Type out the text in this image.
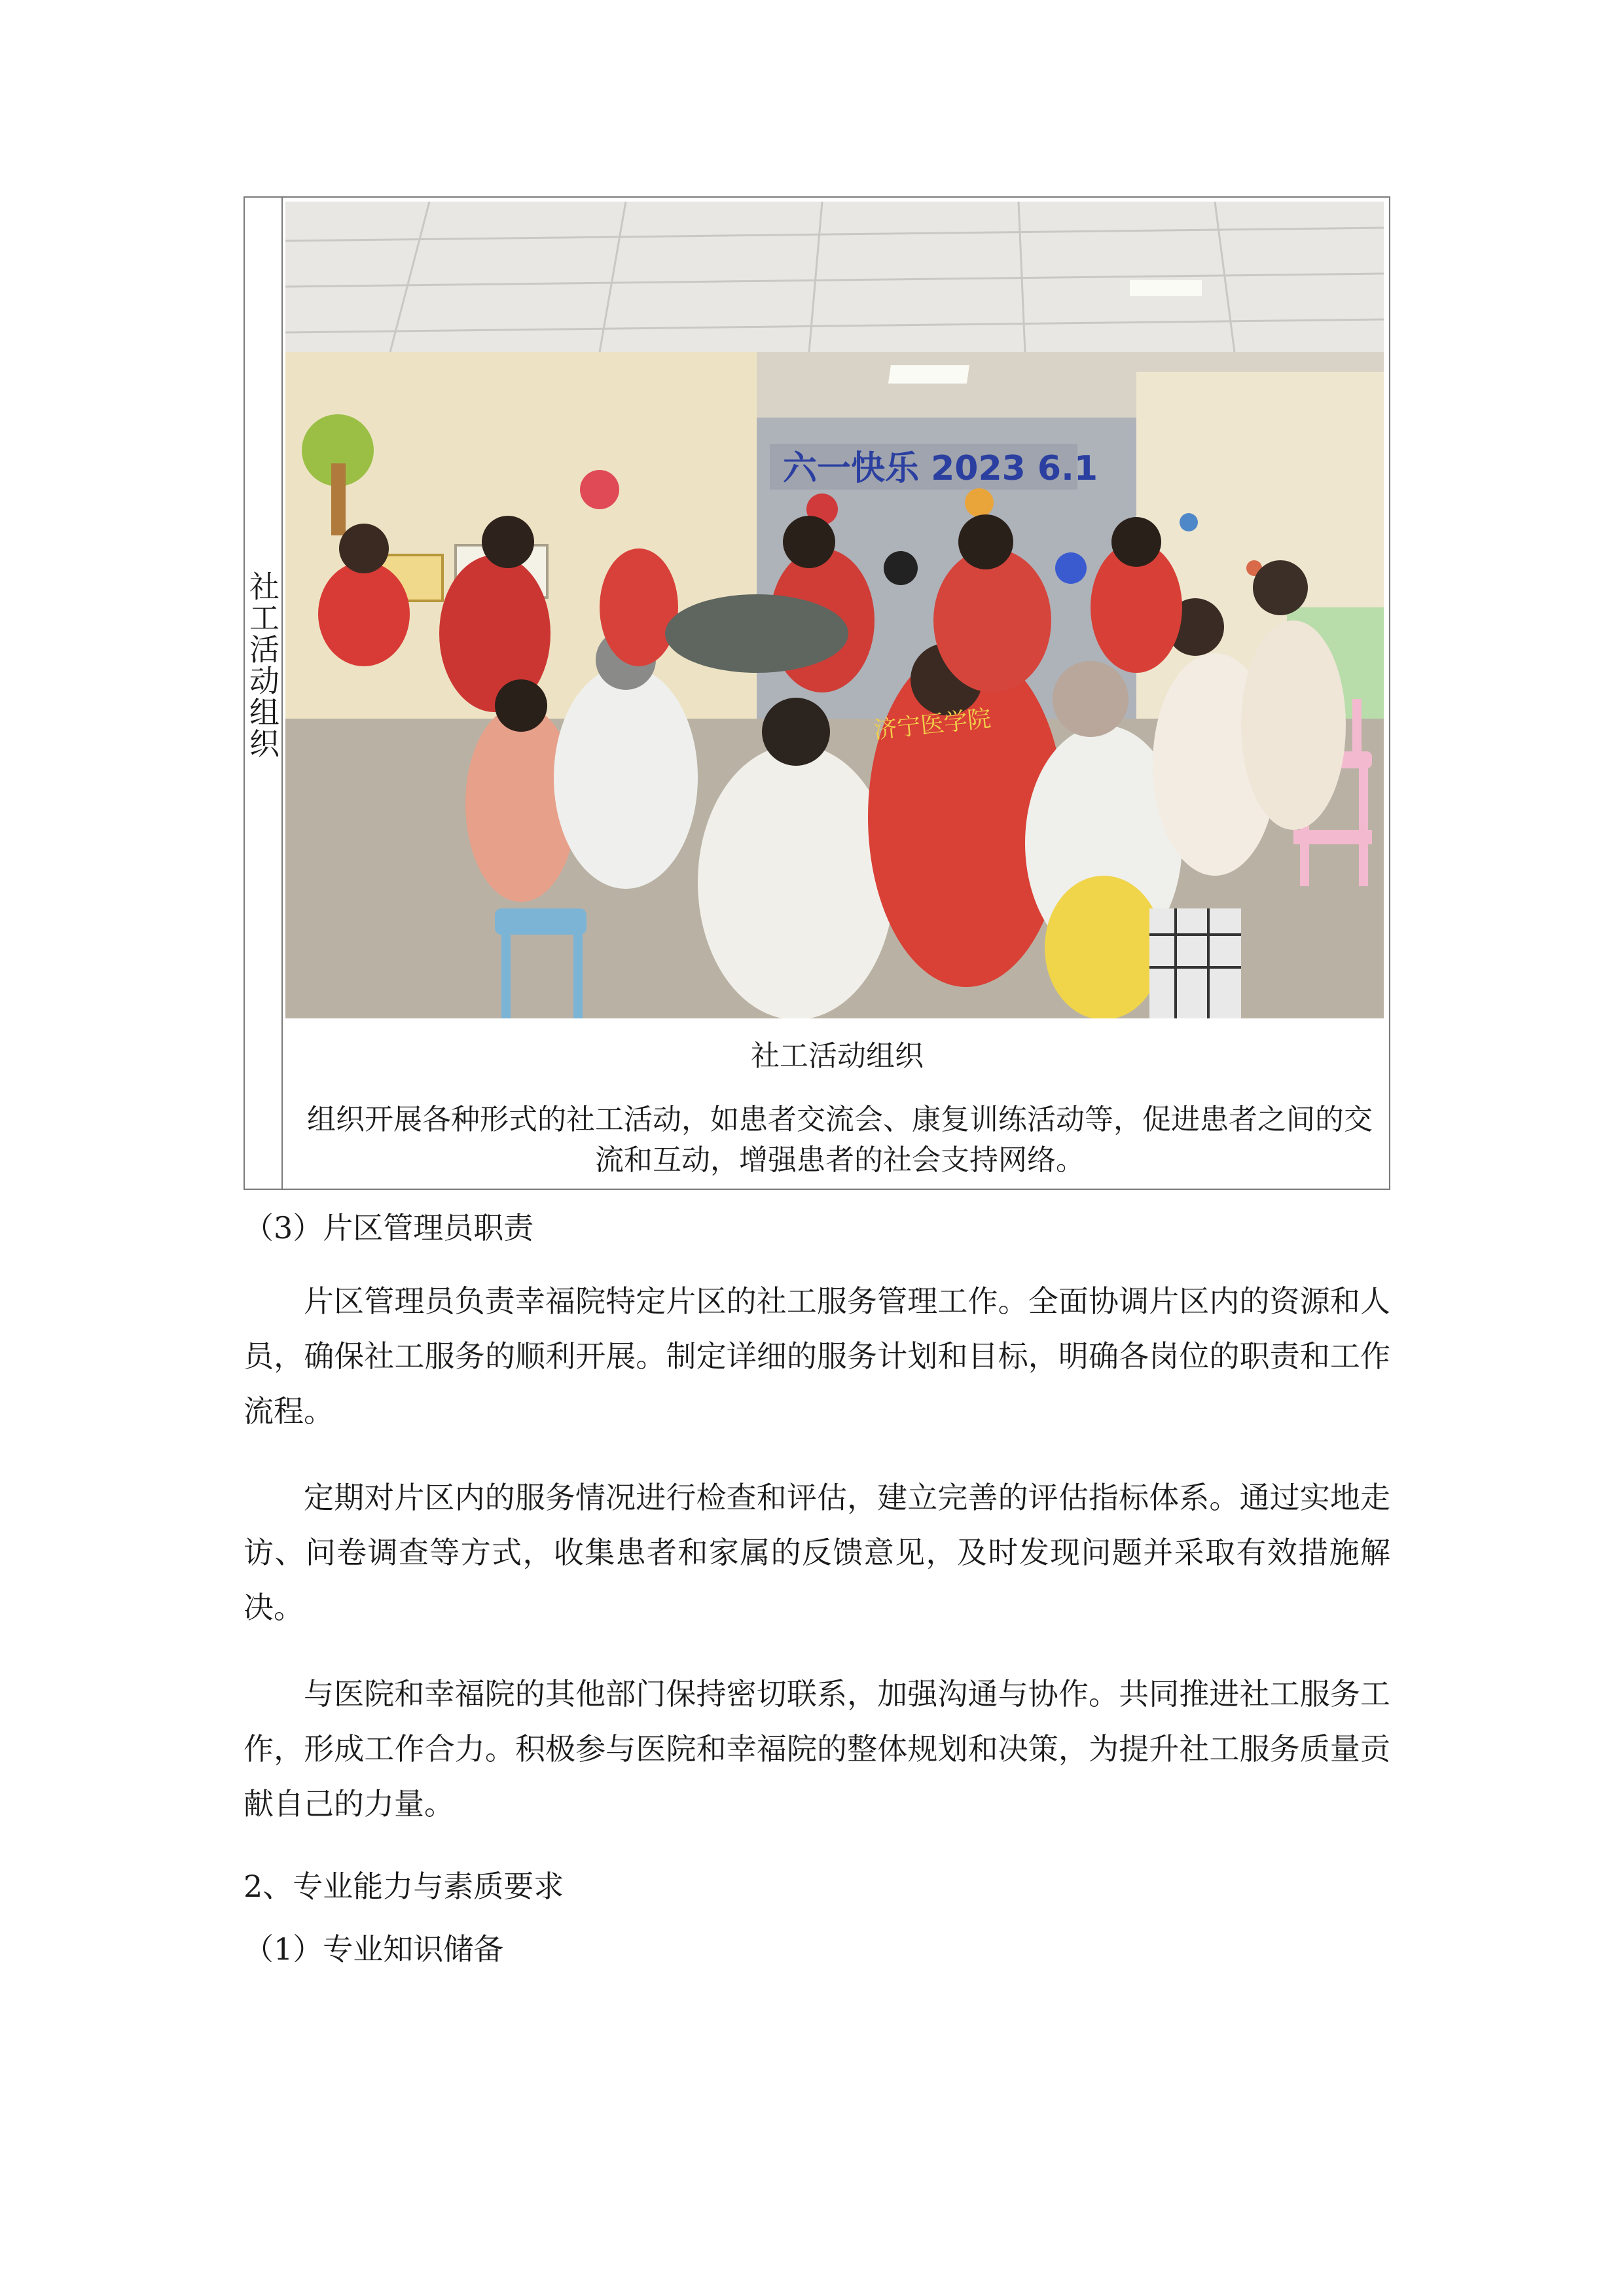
社工活动组织
六一快乐 2023 6.1
济宁医学院
社工活动组织
组织开展各种形式的社工活动，如患者交流会、康复训练活动等，促进患者之间的交流和互动，增强患者的社会支持网络。
（3）片区管理员职责
片区管理员负责幸福院特定片区的社工服务管理工作。全面协调片区内的资源和人员，确保社工服务的顺利开展。制定详细的服务计划和目标，明确各岗位的职责和工作流程。
定期对片区内的服务情况进行检查和评估，建立完善的评估指标体系。通过实地走访、问卷调查等方式，收集患者和家属的反馈意见，及时发现问题并采取有效措施解决。
与医院和幸福院的其他部门保持密切联系，加强沟通与协作。共同推进社工服务工作，形成工作合力。积极参与医院和幸福院的整体规划和决策，为提升社工服务质量贡献自己的力量。
2、专业能力与素质要求
（1）专业知识储备
